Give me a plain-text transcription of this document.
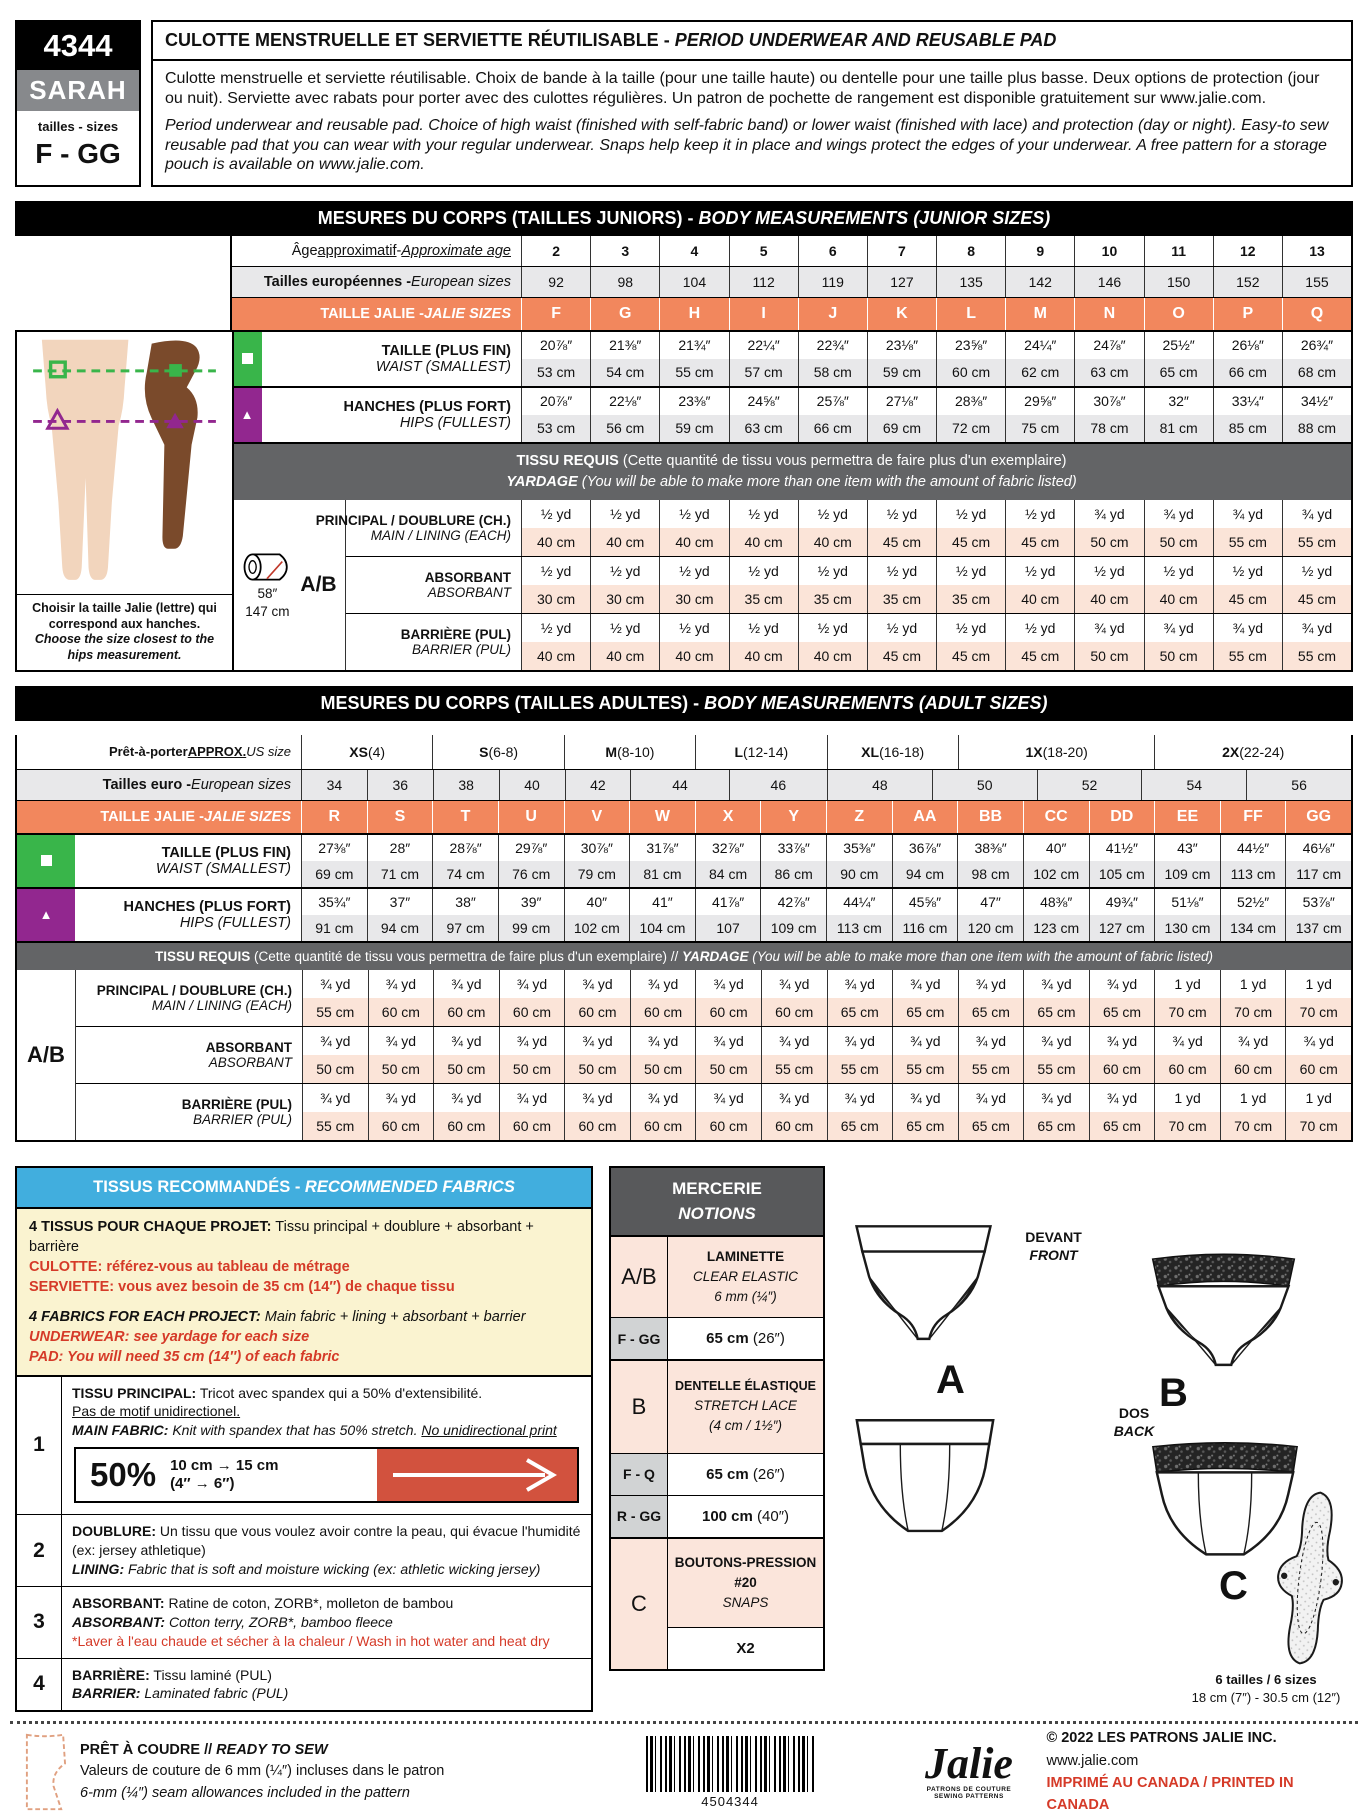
4344
SARAH
tailles - sizes
F - GG
CULOTTE MENSTRUELLE ET SERVIETTE RÉUTILISABLE - PERIOD UNDERWEAR AND REUSABLE PAD

Culotte menstruelle et serviette réutilisable. Choix de bande à la taille (pour une taille haute) ou dentelle pour une taille plus basse. Deux options de protection (jour ou nuit). Serviette avec rabats pour porter avec des culottes régulières. Un patron de pochette de rangement est disponible gratuitement sur www.jalie.com.

Period underwear and reusable pad. Choice of high waist (finished with self-fabric band) or lower waist (finished with lace) and protection (day or night). Easy-to sew reusable pad that you can wear with your regular underwear. Snaps help keep it in place and wings protect the edges of your underwear. A free pattern for a storage pouch is available on www.jalie.com.

MESURES DU CORPS (TAILLES JUNIORS) - BODY MEASUREMENTS (JUNIOR SIZES)
Choisir la taille Jalie (lettre) qui correspond aux hanches.
Choose the size closest to the hips measurement.
Âge approximatif - Approximate age	2	3	4	5	6	7	8	9	10	11	12	13
Tailles européennes - European sizes	92	98	104	112	119	127	135	142	146	150	152	155
TAILLE JALIE - JALIE SIZES	F	G	H	I	J	K	L	M	N	O	P	Q
TAILLE (PLUS FIN)
WAIST (SMALLEST)
20⅞″	21⅜″	21¾″	22¼″	22¾″	23⅛″	23⅝″	24¼″	24⅞″	25½″	26⅛″	26¾″
53 cm	54 cm	55 cm	57 cm	58 cm	59 cm	60 cm	62 cm	63 cm	65 cm	66 cm	68 cm
▲	HANCHES (PLUS FORT)
HIPS (FULLEST)
20⅞″	22⅛″	23⅜″	24⅝″	25⅞″	27⅛″	28⅜″	29⅝″	30⅞″	32″	33¼″	34½″
53 cm	56 cm	59 cm	63 cm	66 cm	69 cm	72 cm	75 cm	78 cm	81 cm	85 cm	88 cm
TISSU REQUIS (Cette quantité de tissu vous permettra de faire plus d'un exemplaire)
YARDAGE (You will be able to make more than one item with the amount of fabric listed)
58″
147 cm
A/B
PRINCIPAL / DOUBLURE (CH.)
MAIN / LINING (EACH)
½ yd	½ yd	½ yd	½ yd	½ yd	½ yd	½ yd	½ yd	¾ yd	¾ yd	¾ yd	¾ yd
40 cm	40 cm	40 cm	40 cm	40 cm	45 cm	45 cm	45 cm	50 cm	50 cm	55 cm	55 cm
ABSORBANT
ABSORBANT
½ yd	½ yd	½ yd	½ yd	½ yd	½ yd	½ yd	½ yd	½ yd	½ yd	½ yd	½ yd
30 cm	30 cm	30 cm	35 cm	35 cm	35 cm	35 cm	40 cm	40 cm	40 cm	45 cm	45 cm
BARRIÈRE (PUL)
BARRIER (PUL)
½ yd	½ yd	½ yd	½ yd	½ yd	½ yd	½ yd	½ yd	¾ yd	¾ yd	¾ yd	¾ yd
40 cm	40 cm	40 cm	40 cm	40 cm	45 cm	45 cm	45 cm	50 cm	50 cm	55 cm	55 cm
MESURES DU CORPS (TAILLES ADULTES) - BODY MEASUREMENTS (ADULT SIZES)
Prêt-à-porter APPROX. US size	XS (4)	S (6-8)	M (8-10)	L (12-14)	XL (16-18)	1X (18-20)	2X (22-24)
Tailles euro - European sizes	34	36	38	40	42	44	46	48	50	52	54	56
TAILLE JALIE - JALIE SIZES	R	S	T	U	V	W	X	Y	Z	AA	BB	CC	DD	EE	FF	GG
TAILLE (PLUS FIN)
WAIST (SMALLEST)
27⅜″	28″	28⅞″	29⅞″	30⅞″	31⅞″	32⅞″	33⅞″	35⅜″	36⅞″	38⅜″	40″	41½″	43″	44½″	46⅛″
69 cm	71 cm	74 cm	76 cm	79 cm	81 cm	84 cm	86 cm	90 cm	94 cm	98 cm	102 cm	105 cm	109 cm	113 cm	117 cm
▲	HANCHES (PLUS FORT)
HIPS (FULLEST)
35¾″	37″	38″	39″	40″	41″	41⅞″	42⅞″	44¼″	45⅝″	47″	48⅜″	49¾″	51⅛″	52½″	53⅞″
91 cm	94 cm	97 cm	99 cm	102 cm	104 cm	107	109 cm	113 cm	116 cm	120 cm	123 cm	127 cm	130 cm	134 cm	137 cm
TISSU REQUIS (Cette quantité de tissu vous permettra de faire plus d'un exemplaire) // YARDAGE (You will be able to make more than one item with the amount of fabric listed)
A/B
PRINCIPAL / DOUBLURE (CH.)
MAIN / LINING (EACH)
¾ yd	¾ yd	¾ yd	¾ yd	¾ yd	¾ yd	¾ yd	¾ yd	¾ yd	¾ yd	¾ yd	¾ yd	¾ yd	1 yd	1 yd	1 yd
55 cm	60 cm	60 cm	60 cm	60 cm	60 cm	60 cm	60 cm	65 cm	65 cm	65 cm	65 cm	65 cm	70 cm	70 cm	70 cm
ABSORBANT
ABSORBANT
¾ yd	¾ yd	¾ yd	¾ yd	¾ yd	¾ yd	¾ yd	¾ yd	¾ yd	¾ yd	¾ yd	¾ yd	¾ yd	¾ yd	¾ yd	¾ yd
50 cm	50 cm	50 cm	50 cm	50 cm	50 cm	50 cm	55 cm	55 cm	55 cm	55 cm	55 cm	60 cm	60 cm	60 cm	60 cm
BARRIÈRE (PUL)
BARRIER (PUL)
¾ yd	¾ yd	¾ yd	¾ yd	¾ yd	¾ yd	¾ yd	¾ yd	¾ yd	¾ yd	¾ yd	¾ yd	¾ yd	1 yd	1 yd	1 yd
55 cm	60 cm	60 cm	60 cm	60 cm	60 cm	60 cm	60 cm	65 cm	65 cm	65 cm	65 cm	65 cm	70 cm	70 cm	70 cm
TISSUS RECOMMANDÉS - RECOMMENDED FABRICS
4 TISSUS POUR CHAQUE PROJET: Tissu principal + doublure + absorbant + barrière
CULOTTE: référez-vous au tableau de métrage
SERVIETTE: vous avez besoin de 35 cm (14″) de chaque tissu
4 FABRICS FOR EACH PROJECT: Main fabric + lining + absorbant + barrier
UNDERWEAR: see yardage for each size
PAD: You will need 35 cm (14″) of each fabric
1
TISSU PRINCIPAL: Tricot avec spandex qui a 50% d'extensibilité.
Pas de motif unidirectionel.
MAIN FABRIC: Knit with spandex that has 50% stretch. No unidirectional print
50% 10 cm → 15 cm
(4″ → 6″)
2
DOUBLURE: Un tissu que vous voulez avoir contre la peau, qui évacue l'humidité (ex: jersey athletique)
LINING: Fabric that is soft and moisture wicking (ex: athletic wicking jersey)
3
ABSORBANT: Ratine de coton, ZORB*, molleton de bambou
ABSORBANT: Cotton terry, ZORB*, bamboo fleece
*Laver à l'eau chaude et sécher à la chaleur / Wash in hot water and heat dry
4	BARRIÈRE: Tissu laminé (PUL)
BARRIER: Laminated fabric (PUL)
MERCERIE
NOTIONS
A/B
LAMINETTE
CLEAR ELASTIC
6 mm (¼″)
F - GG	65 cm (26″)
B
DENTELLE ÉLASTIQUE
STRETCH LACE
(4 cm / 1½″)
F - Q	65 cm (26″)
R - GG	100 cm (40″)
C
BOUTONS-PRESSION
#20
SNAPS
X2
DEVANT
FRONT
A	B
DOS
BACK
C
6 tailles / 6 sizes
18 cm (7″) - 30.5 cm (12″)
PRÊT À COUDRE // READY TO SEW
Valeurs de couture de 6 mm (¼″) incluses dans le patron
6-mm (¼″) seam allowances included in the pattern
4504344
Jalie
PATRONS DE COUTURE
SEWING PATTERNS
© 2022 LES PATRONS JALIE INC.
www.jalie.com
IMPRIMÉ AU CANADA / PRINTED IN CANADA
